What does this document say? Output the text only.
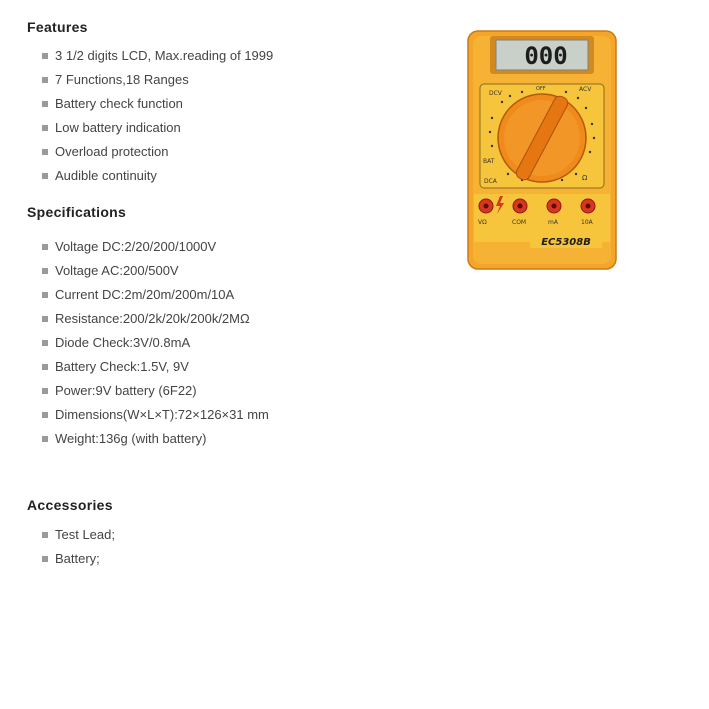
Features
3 1/2 digits LCD, Max.reading of 1999
7 Functions,18 Ranges
Battery check function
Low battery indication
Overload protection
Audible continuity
Specifications
Voltage DC:2/20/200/1000V
Voltage AC:200/500V
Current DC:2m/20m/200m/10A
Resistance:200/2k/20k/200k/2MΩ
Diode Check:3V/0.8mA
Battery Check:1.5V, 9V
Power:9V battery (6F22)
Dimensions(W×L×T):72×126×31 mm
Weight:136g (with battery)
Accessories
Test Lead;
Battery;
000
DCV
ACV
OFF
BAT
DCA	Ω
VΩ	COM	mA	10A
EC5308B
